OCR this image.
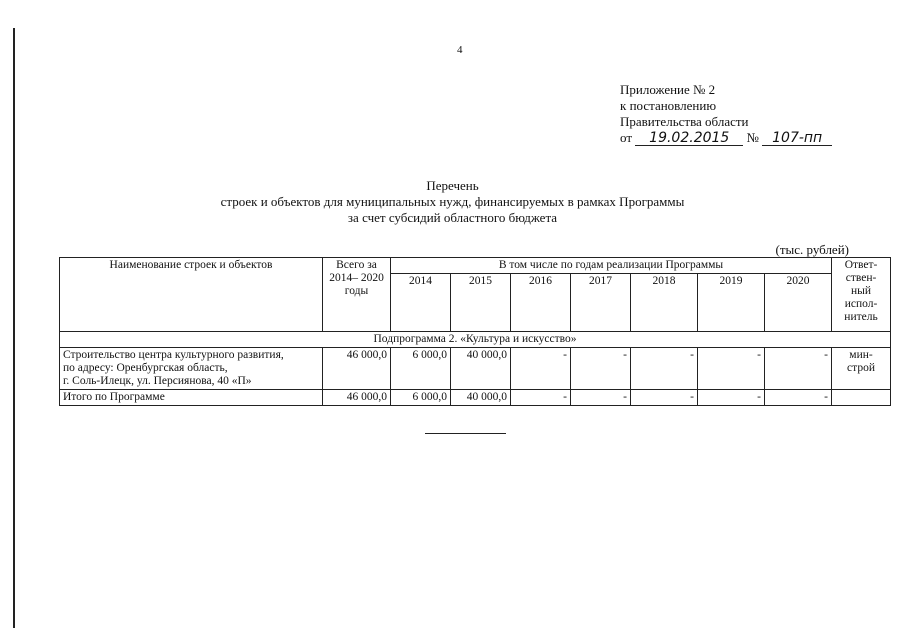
4
Приложение № 2
к постановлению
Правительства области
от 19.02.2015 № 107-пп
Перечень
строек и объектов для муниципальных нужд, финансируемых в рамках Программы
за счет субсидий областного бюджета
(тыс. рублей)
Наименование строек и объектов	Всего за 2014– 2020 годы	В том числе по годам реализации Программы							Ответ- ствен- ный испол- нитель
		2014	2015	2016	2017	2018	2019	2020	
Подпрограмма 2. «Культура и искусство»									

Строительство центра культурного развития,
по адресу: Оренбургская область,
г. Соль-Илецк, ул. Персиянова, 40 «П»	46 000,0	6 000,0	40 000,0	-	-	-	-	-	мин- строй
Итого по Программе	46 000,0	6 000,0	40 000,0	-	-	-	-	-	
